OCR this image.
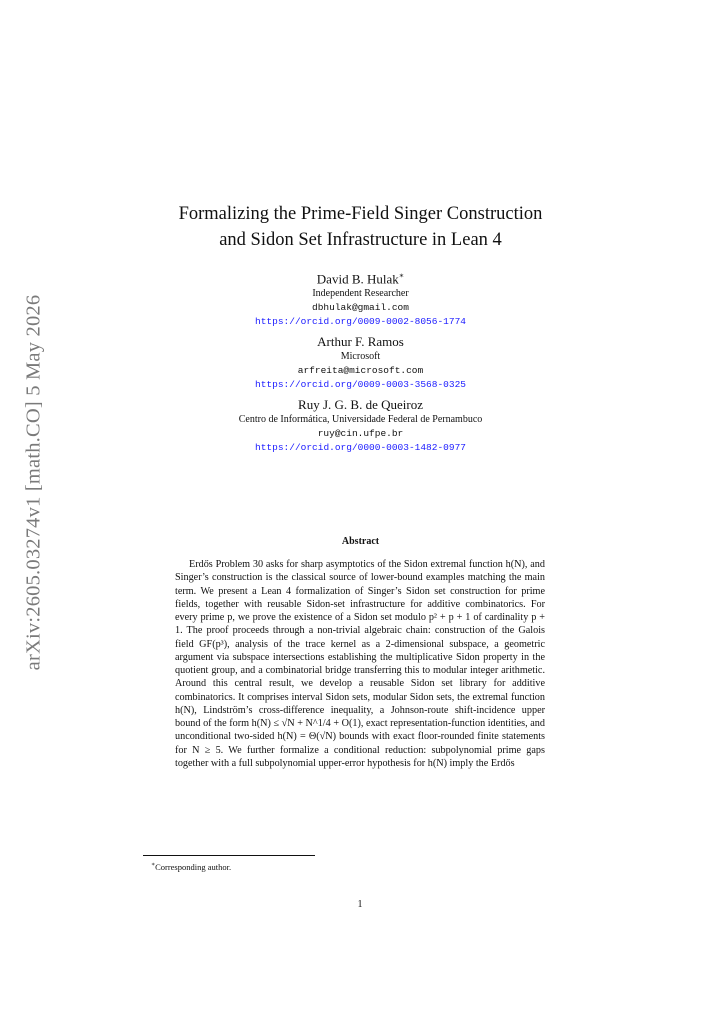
arXiv:2605.03274v1 [math.CO] 5 May 2026
Formalizing the Prime-Field Singer Construction
and Sidon Set Infrastructure in Lean 4
David B. Hulak∗
Independent Researcher
dbhulak@gmail.com
https://orcid.org/0009-0002-8056-1774
Arthur F. Ramos
Microsoft
arfreita@microsoft.com
https://orcid.org/0009-0003-3568-0325
Ruy J. G. B. de Queiroz
Centro de Informática, Universidade Federal de Pernambuco
ruy@cin.ufpe.br
https://orcid.org/0000-0003-1482-0977
Abstract
Erdős Problem 30 asks for sharp asymptotics of the Sidon extremal function h(N), and Singer’s construction is the classical source of lower-bound examples matching the main term. We present a Lean 4 formalization of Singer’s Sidon set construction for prime fields, together with reusable Sidon-set infrastructure for additive combinatorics. For every prime p, we prove the existence of a Sidon set modulo p² + p + 1 of cardinality p + 1. The proof proceeds through a non-trivial algebraic chain: construction of the Galois field GF(p³), analysis of the trace kernel as a 2-dimensional subspace, a geometric argument via subspace intersections establishing the multiplicative Sidon property in the quotient group, and a combinatorial bridge transferring this to modular integer arithmetic. Around this central result, we develop a reusable Sidon set library for additive combinatorics. It comprises interval Sidon sets, modular Sidon sets, the extremal function h(N), Lindström’s cross-difference inequality, a Johnson-route shift-incidence upper bound of the form h(N) ≤ √N + N^1/4 + O(1), exact representation-function identities, and unconditional two-sided h(N) = Θ(√N) bounds with exact floor-rounded finite statements for N ≥ 5. We further formalize a conditional reduction: subpolynomial prime gaps together with a full subpolynomial upper-error hypothesis for h(N) imply the Erdős
∗Corresponding author.
1
